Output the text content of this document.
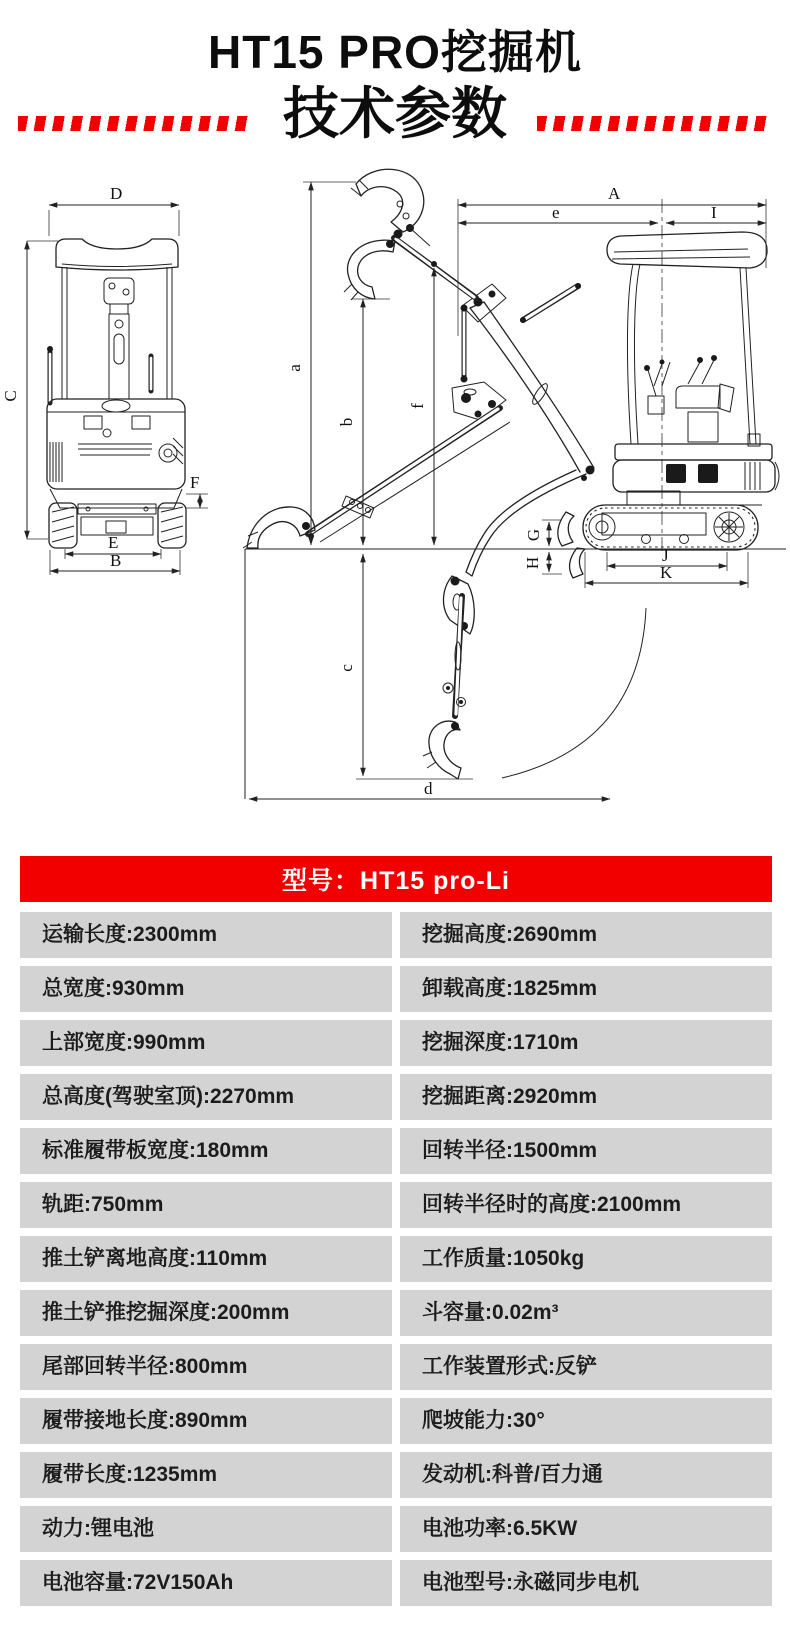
HT15 PRO挖掘机
技术参数
D
C
F
E
B
A
e	I
a
b
f
c
d
G
H	J
K
型号：HT15 pro-Li
运输长度:2300mm	挖掘高度:2690mm
总宽度:930mm	卸载高度:1825mm
上部宽度:990mm	挖掘深度:1710m
总高度(驾驶室顶):2270mm	挖掘距离:2920mm
标准履带板宽度:180mm	回转半径:1500mm
轨距:750mm	回转半径时的高度:2100mm
推土铲离地高度:110mm	工作质量:1050kg
推土铲推挖掘深度:200mm	斗容量:0.02m³
尾部回转半径:800mm	工作装置形式:反铲
履带接地长度:890mm	爬坡能力:30°
履带长度:1235mm	发动机:科普/百力通
动力:锂电池	电池功率:6.5KW
电池容量:72V150Ah	电池型号:永磁同步电机
